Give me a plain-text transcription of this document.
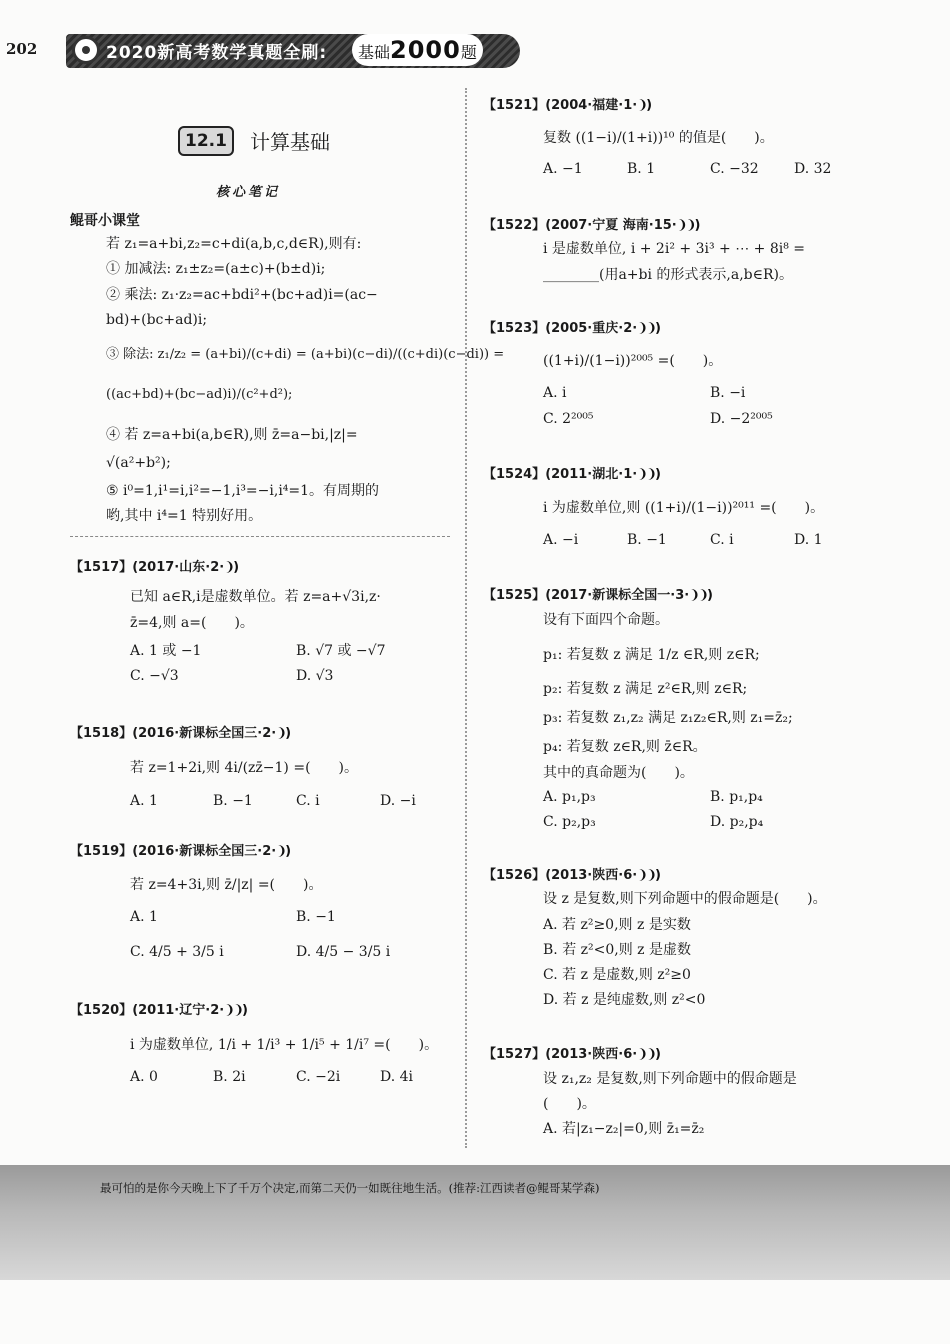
202	2020新高考数学真题全刷:	基础2000题
12.1	计算基础
核心笔记
鲲哥小课堂
若 z₁=a+bi,z₂=c+di(a,b,c,d∈R),则有:
① 加减法: z₁±z₂=(a±c)+(b±d)i;
② 乘法: z₁·z₂=ac+bdi²+(bc+ad)i=(ac−
bd)+(bc+ad)i;
③ 除法: z₁/z₂ = (a+bi)/(c+di) = (a+bi)(c−di)/((c+di)(c−di)) =
((ac+bd)+(bc−ad)i)/(c²+d²);
④ 若 z=a+bi(a,b∈R),则 z̄=a−bi,|z|=
√(a²+b²);
⑤ i⁰=1,i¹=i,i²=−1,i³=−i,i⁴=1。有周期的
哟,其中 i⁴=1 特别好用。
【1517】(2017·山东·2·❩)
已知 a∈R,i是虚数单位。若 z=a+√3i,z·
z̄=4,则 a=(　　)。
A. 1 或 −1	B. √7 或 −√7
C. −√3	D. √3
【1518】(2016·新课标全国三·2·❩)
若 z=1+2i,则 4i/(zz̄−1) =(　　)。
A. 1	B. −1	C. i	D. −i
【1519】(2016·新课标全国三·2·❩)
若 z=4+3i,则 z̄/|z| =(　　)。
A. 1	B. −1
C. 4/5 + 3/5 i	D. 4/5 − 3/5 i
【1520】(2011·辽宁·2·❩❩)
i 为虚数单位, 1/i + 1/i³ + 1/i⁵ + 1/i⁷ =(　　)。
A. 0	B. 2i	C. −2i	D. 4i
【1521】(2004·福建·1·❩)
复数 ((1−i)/(1+i))¹⁰ 的值是(　　)。
A. −1	B. 1	C. −32	D. 32
【1522】(2007·宁夏 海南·15·❩❩)
i 是虚数单位, i + 2i² + 3i³ + ⋯ + 8i⁸ =
________(用a+bi 的形式表示,a,b∈R)。
【1523】(2005·重庆·2·❩❩)
((1+i)/(1−i))²⁰⁰⁵ =(　　)。
A. i	B. −i
C. 2²⁰⁰⁵	D. −2²⁰⁰⁵
【1524】(2011·湖北·1·❩❩)
i 为虚数单位,则 ((1+i)/(1−i))²⁰¹¹ =(　　)。
A. −i	B. −1	C. i	D. 1
【1525】(2017·新课标全国一·3·❩❩)
设有下面四个命题。
p₁: 若复数 z 满足 1/z ∈R,则 z∈R;
p₂: 若复数 z 满足 z²∈R,则 z∈R;
p₃: 若复数 z₁,z₂ 满足 z₁z₂∈R,则 z₁=z̄₂;
p₄: 若复数 z∈R,则 z̄∈R。
其中的真命题为(　　)。
A. p₁,p₃	B. p₁,p₄
C. p₂,p₃	D. p₂,p₄
【1526】(2013·陕西·6·❩❩)
设 z 是复数,则下列命题中的假命题是(　　)。
A. 若 z²≥0,则 z 是实数
B. 若 z²<0,则 z 是虚数
C. 若 z 是虚数,则 z²≥0
D. 若 z 是纯虚数,则 z²<0
【1527】(2013·陕西·6·❩❩)
设 z₁,z₂ 是复数,则下列命题中的假命题是
(　　)。
A. 若|z₁−z₂|=0,则 z̄₁=z̄₂
最可怕的是你今天晚上下了千万个决定,而第二天仍一如既往地生活。(推荐:江西读者@鲲哥某学森)
